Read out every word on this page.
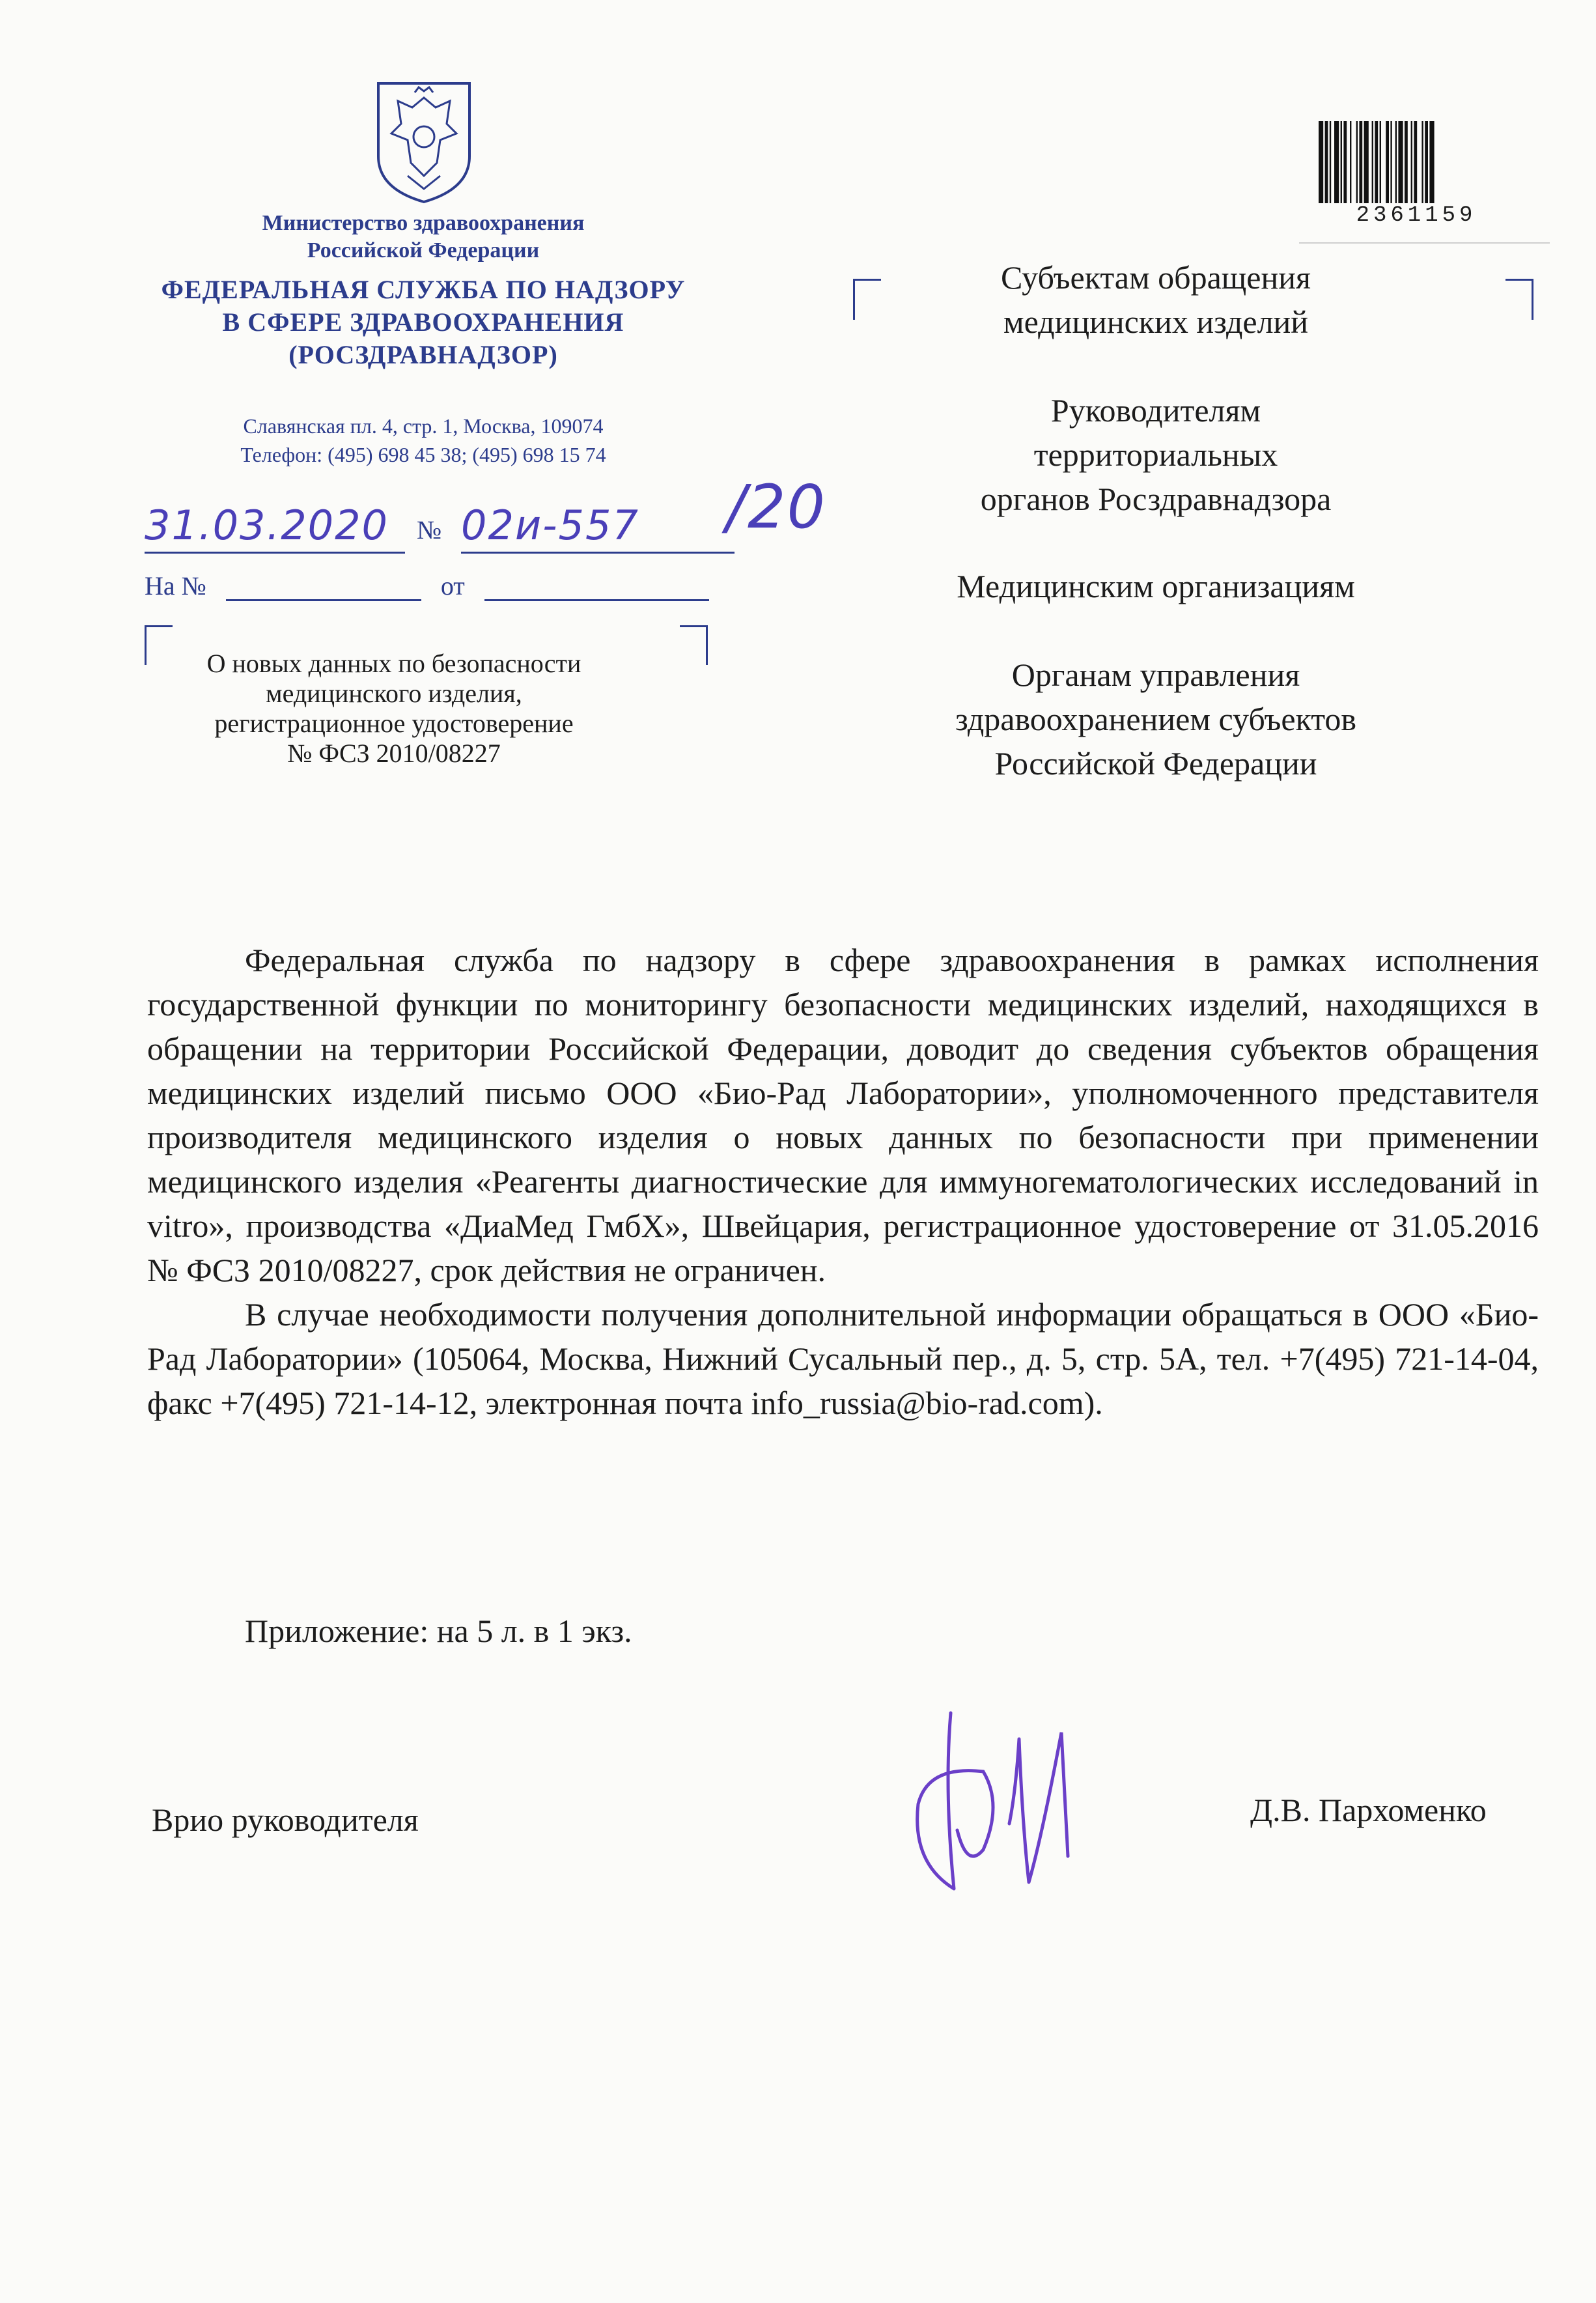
Министерство здравоохранения
Российской Федерации
ФЕДЕРАЛЬНАЯ СЛУЖБА ПО НАДЗОРУ
В СФЕРЕ ЗДРАВООХРАНЕНИЯ
(РОСЗДРАВНАДЗОР)
Славянская пл. 4, стр. 1, Москва, 109074
Телефон: (495) 698 45 38; (495) 698 15 74
31.03.2020	№ 02и-557	/20
На №	от
О новых данных по безопасности
медицинского изделия,
регистрационное удостоверение
№ ФСЗ 2010/08227
2361159
Субъектам обращения
медицинских изделий
Руководителям
территориальных
органов Росздравнадзора
Медицинским организациям
Органам управления
здравоохранением субъектов
Российской Федерации

Федеральная служба по надзору в сфере здравоохранения в рамках исполнения государственной функции по мониторингу безопасности медицинских изделий, находящихся в обращении на территории Российской Федерации, доводит до сведения субъектов обращения медицинских изделий письмо ООО «Био-Рад Лаборатории», уполномоченного представителя производителя медицинского изделия о новых данных по безопасности при применении медицинского изделия «Реагенты диагностические для иммуногематологических исследований in vitro», производства «ДиаМед ГмбХ», Швейцария, регистрационное удостоверение от 31.05.2016 № ФСЗ 2010/08227, срок действия не ограничен.

В случае необходимости получения дополнительной информации обращаться в ООО «Био-Рад Лаборатории» (105064, Москва, Нижний Сусальный пер., д. 5, стр. 5А, тел. +7(495) 721-14-04, факс +7(495) 721-14-12, электронная почта info_russia@bio-rad.com).

Приложение: на 5 л. в 1 экз.
Врио руководителя	Д.В. Пархоменко
